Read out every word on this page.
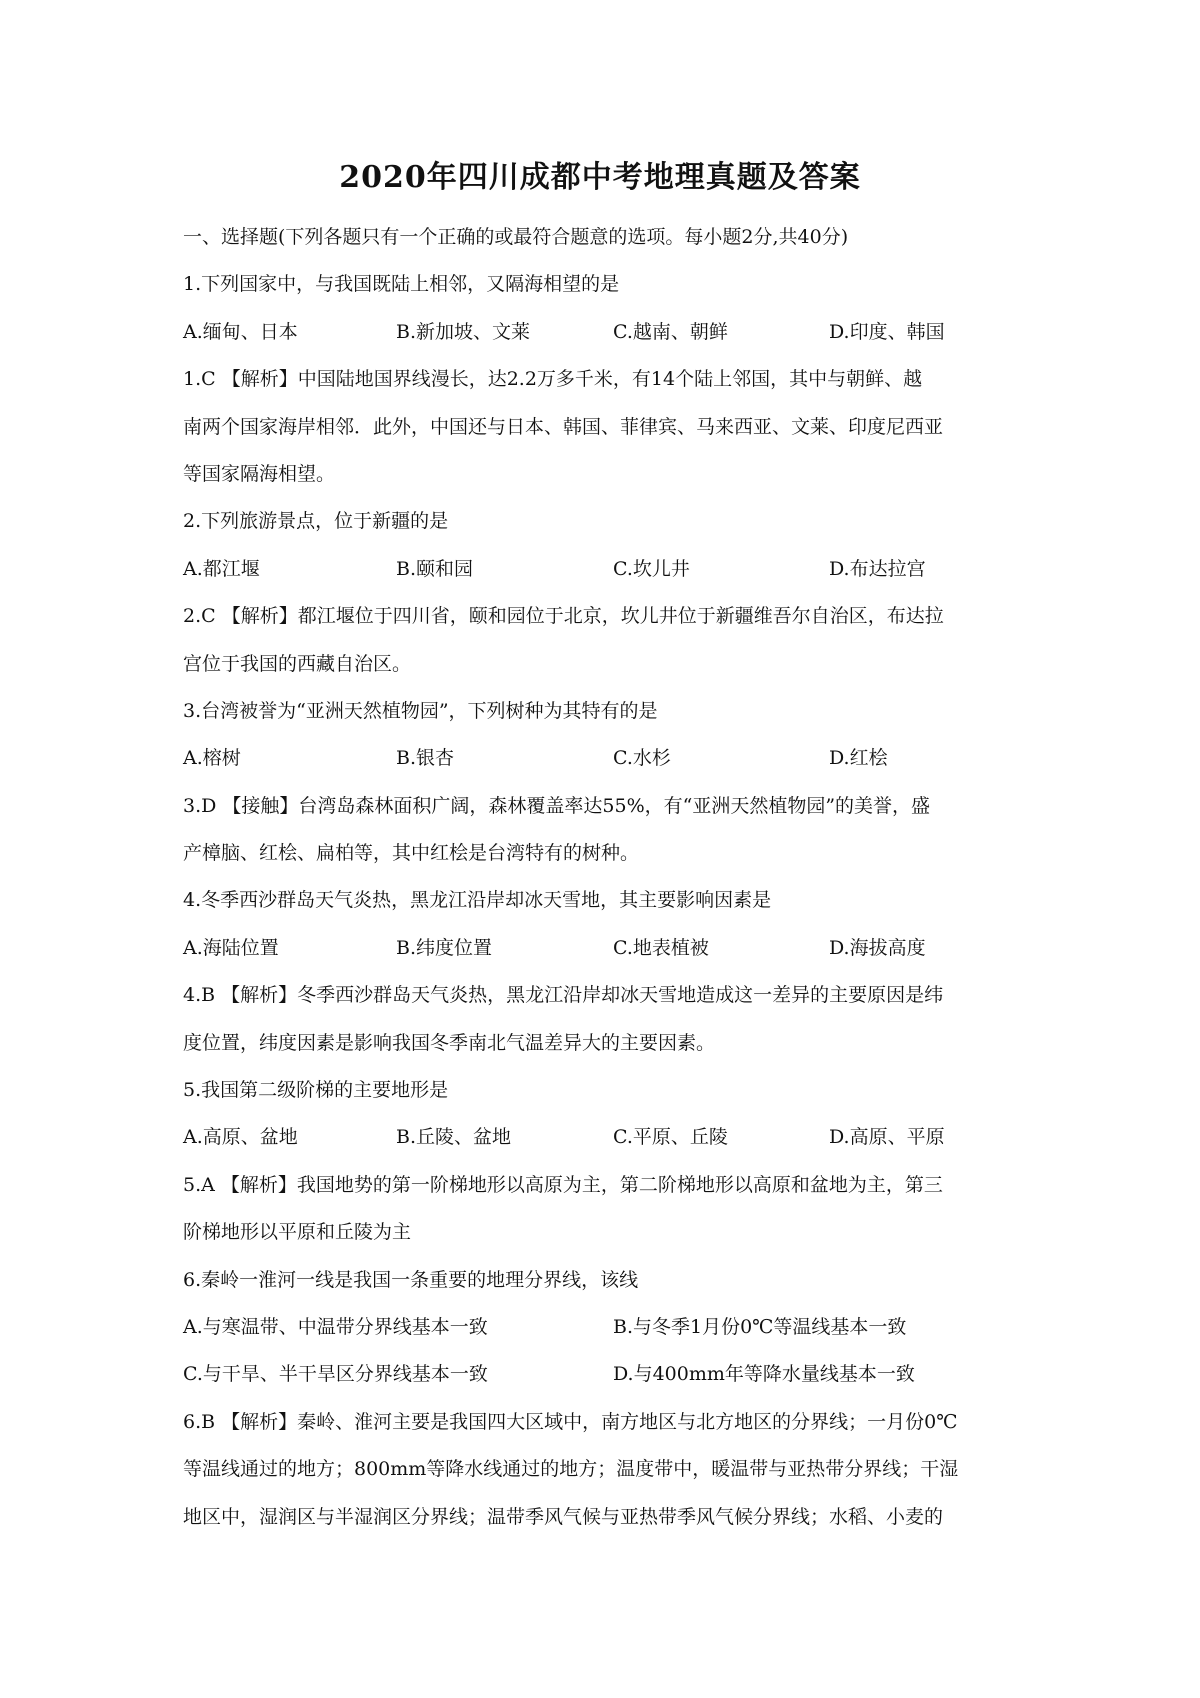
2020年四川成都中考地理真题及答案
一、选择题(下列各题只有一个正确的或最符合题意的选项。每小题2分,共40分)
1.下列国家中，与我国既陆上相邻，又隔海相望的是
A.缅甸、日本	B.新加坡、文莱	C.越南、朝鲜	D.印度、韩国
1.C 【解析】中国陆地国界线漫长，达2.2万多千米，有14个陆上邻国，其中与朝鲜、越
南两个国家海岸相邻．此外，中国还与日本、韩国、菲律宾、马来西亚、文莱、印度尼西亚
等国家隔海相望。
2.下列旅游景点，位于新疆的是
A.都江堰	B.颐和园	C.坎儿井	D.布达拉宫
2.C 【解析】都江堰位于四川省，颐和园位于北京，坎儿井位于新疆维吾尔自治区，布达拉
宫位于我国的西藏自治区。
3.台湾被誉为“亚洲天然植物园”，下列树种为其特有的是
A.榕树	B.银杏	C.水杉	D.红桧
3.D 【接触】台湾岛森林面积广阔，森林覆盖率达55%，有“亚洲天然植物园”的美誉，盛
产樟脑、红桧、扁柏等，其中红桧是台湾特有的树种。
4.冬季西沙群岛天气炎热，黑龙江沿岸却冰天雪地，其主要影响因素是
A.海陆位置	B.纬度位置	C.地表植被	D.海拔高度
4.B 【解析】冬季西沙群岛天气炎热，黑龙江沿岸却冰天雪地造成这一差异的主要原因是纬
度位置，纬度因素是影响我国冬季南北气温差异大的主要因素。
5.我国第二级阶梯的主要地形是
A.高原、盆地	B.丘陵、盆地	C.平原、丘陵	D.高原、平原
5.A 【解析】我国地势的第一阶梯地形以高原为主，第二阶梯地形以高原和盆地为主，第三
阶梯地形以平原和丘陵为主
6.秦岭一淮河一线是我国一条重要的地理分界线，该线
A.与寒温带、中温带分界线基本一致	B.与冬季1月份0℃等温线基本一致
C.与干旱、半干旱区分界线基本一致	D.与400mm年等降水量线基本一致
6.B 【解析】秦岭、淮河主要是我国四大区域中，南方地区与北方地区的分界线；一月份0℃
等温线通过的地方；800mm等降水线通过的地方；温度带中，暖温带与亚热带分界线；干湿
地区中，湿润区与半湿润区分界线；温带季风气候与亚热带季风气候分界线；水稻、小麦的
